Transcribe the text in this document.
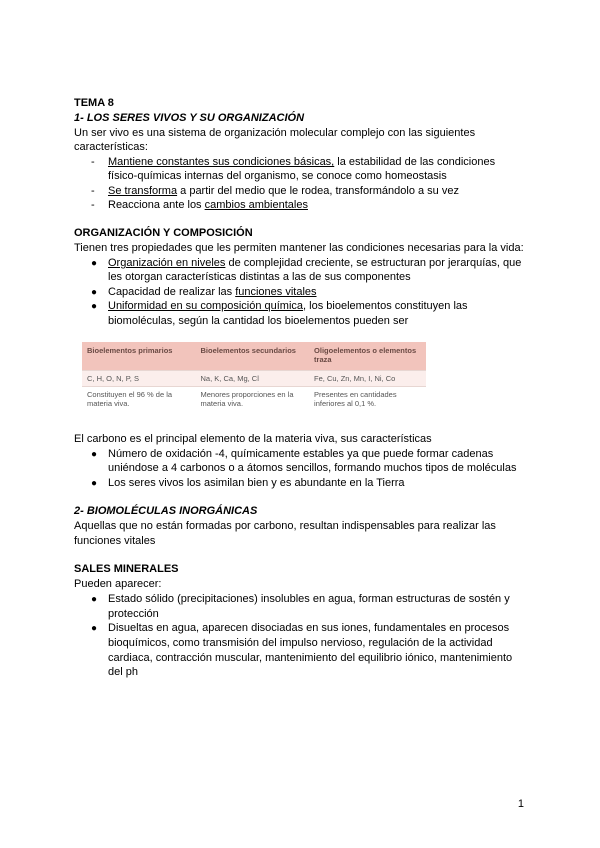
TEMA 8
1- LOS SERES VIVOS Y SU ORGANIZACIÓN
Un ser vivo es una sistema de organización molecular complejo con las siguientes
características:
- Mantiene constantes sus condiciones básicas, la estabilidad de las condiciones
físico-químicas internas del organismo, se conoce como homeostasis
- Se transforma a partir del medio que le rodea, transformándolo a su vez
- Reacciona ante los cambios ambientales
ORGANIZACIÓN Y COMPOSICIÓN
Tienen tres propiedades que les permiten mantener las condiciones necesarias para la vida:
● Organización en niveles de complejidad creciente, se estructuran por jerarquías, que
les otorgan características distintas a las de sus componentes
● Capacidad de realizar las funciones vitales
● Uniformidad en su composición química, los bioelementos constituyen las
biomoléculas, según la cantidad los bioelementos pueden ser
Bioelementos primarios	Bioelementos secundarios	Oligoelementos o elementos traza
C, H, O, N, P, S	Na, K, Ca, Mg, Cl	Fe, Cu, Zn, Mn, I, Ni, Co
Constituyen el 96 % de la materia viva.	Menores proporciones en la materia viva.	Presentes en cantidades inferiores al 0,1 %.
El carbono es el principal elemento de la materia viva, sus características
● Número de oxidación -4, químicamente estables ya que puede formar cadenas
uniéndose a 4 carbonos o a átomos sencillos, formando muchos tipos de moléculas
● Los seres vivos los asimilan bien y es abundante en la Tierra
2- BIOMOLÉCULAS INORGÁNICAS
Aquellas que no están formadas por carbono, resultan indispensables para realizar las
funciones vitales
SALES MINERALES
Pueden aparecer:
● Estado sólido (precipitaciones) insolubles en agua, forman estructuras de sostén y
protección
● Disueltas en agua, aparecen disociadas en sus iones, fundamentales en procesos
bioquímicos, como transmisión del impulso nervioso, regulación de la actividad
cardiaca, contracción muscular, mantenimiento del equilibrio iónico, mantenimiento
del ph
1
